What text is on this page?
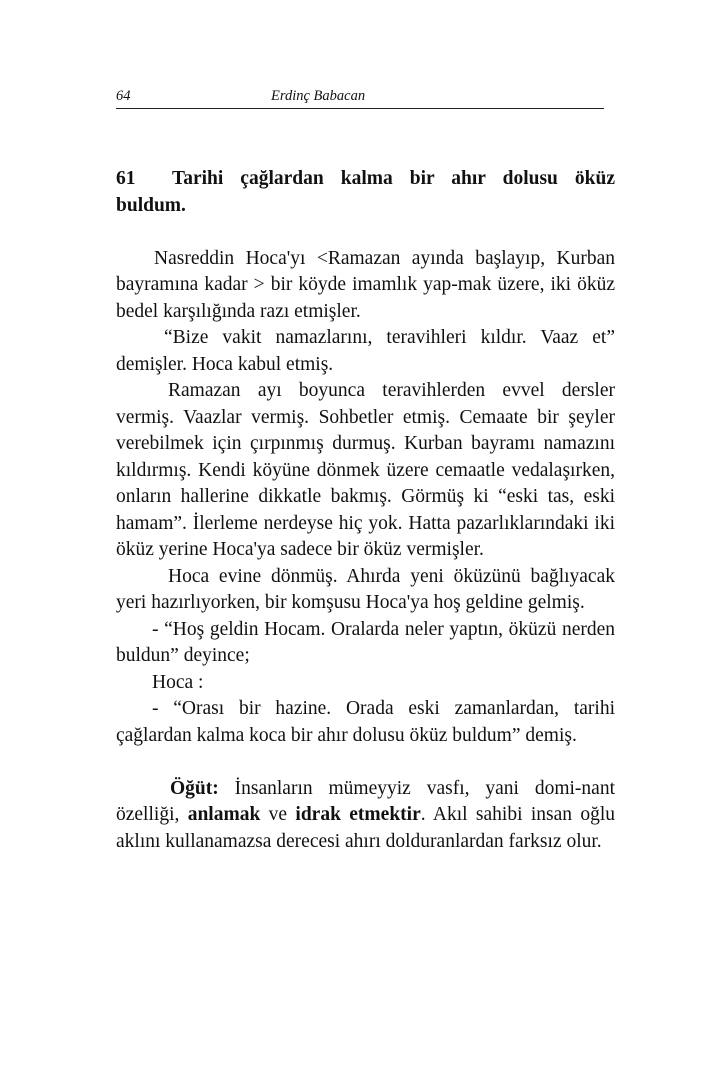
64	Erdinç Babacan

61 Tarihi çağlardan kalma bir ahır dolusu öküz buldum.

Nasreddin Hoca'yı <Ramazan ayında başlayıp, Kurban bayramına kadar > bir köyde imamlık yap-mak üzere, iki öküz bedel karşılığında razı etmişler.

“Bize vakit namazlarını, teravihleri kıldır. Vaaz et” demişler. Hoca kabul etmiş.

Ramazan ayı boyunca teravihlerden evvel dersler vermiş. Vaazlar vermiş. Sohbetler etmiş. Cemaate bir şeyler verebilmek için çırpınmış durmuş. Kurban bayramı namazını kıldırmış. Kendi köyüne dönmek üzere cemaatle vedalaşırken, onların hallerine dikkatle bakmış. Görmüş ki “eski tas, eski hamam”. İlerleme nerdeyse hiç yok. Hatta pazarlıklarındaki iki öküz yerine Hoca'ya sadece bir öküz vermişler.

Hoca evine dönmüş. Ahırda yeni öküzünü bağlıyacak yeri hazırlıyorken, bir komşusu Hoca'ya hoş geldine gelmiş.

- “Hoş geldin Hocam. Oralarda neler yaptın, öküzü nerden buldun” deyince;

Hoca :

- “Orası bir hazine. Orada eski zamanlardan, tarihi çağlardan kalma koca bir ahır dolusu öküz buldum” demiş.

Öğüt: İnsanların mümeyyiz vasfı, yani domi-nant özelliği, anlamak ve idrak etmektir. Akıl sahibi insan oğlu aklını kullanamazsa derecesi ahırı dolduranlardan farksız olur.
